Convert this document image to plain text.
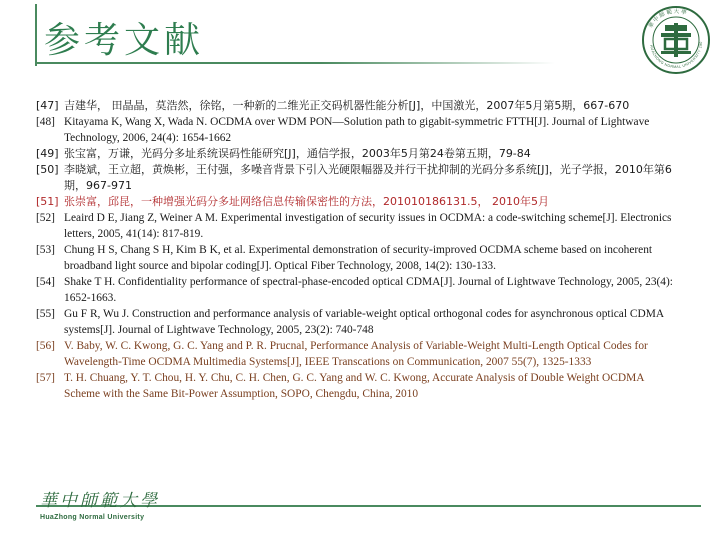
参考文献	華中師範大學
HUAZHONG NORMAL UNIVERSITY 190

[47] 吉建华， 田晶晶，莫浩然，徐铭，一种新的二维光正交码机器性能分析[J]，中国激光，2007年5月第5期，667-670

[48] Kitayama K, Wang X, Wada N. OCDMA over WDM PON—Solution path to gigabit-symmetric FTTH[J]. Journal of Lightwave Technology, 2006, 24(4): 1654-1662

[49] 张宝富，万谦，光码分多址系统误码性能研究[J]，通信学报，2003年5月第24卷第五期，79-84

[50] 李晓斌，王立超，黄焕彬，王付强，多噪音背景下引入光硬限幅器及并行干扰抑制的光码分多系统[J]，光子学报，2010年第6期，967-971

[51] 张崇富，邱昆，一种增强光码分多址网络信息传输保密性的方法，201010186131.5， 2010年5月

[52] Leaird D E, Jiang Z, Weiner A M. Experimental investigation of security issues in OCDMA: a code-switching scheme[J]. Electronics letters, 2005, 41(14): 817-819.

[53] Chung H S, Chang S H, Kim B K, et al. Experimental demonstration of security-improved OCDMA scheme based on incoherent broadband light source and bipolar coding[J]. Optical Fiber Technology, 2008, 14(2): 130-133.

[54] Shake T H. Confidentiality performance of spectral-phase-encoded optical CDMA[J]. Journal of Lightwave Technology, 2005, 23(4): 1652-1663.

[55] Gu F R, Wu J. Construction and performance analysis of variable-weight optical orthogonal codes for asynchronous optical CDMA systems[J]. Journal of Lightwave Technology, 2005, 23(2): 740-748

[56] V. Baby, W. C. Kwong, G. C. Yang and P. R. Prucnal, Performance Analysis of Variable-Weight Multi-Length Optical Codes for Wavelength-Time OCDMA Multimedia Systems[J], IEEE Transcations on Communication, 2007 55(7), 1325-1333

[57] T. H. Chuang, Y. T. Chou, H. Y. Chu, C. H. Chen, G. C. Yang and W. C. Kwong, Accurate Analysis of Double Weight OCDMA Scheme with the Same Bit-Power Assumption, SOPO, Chengdu, China, 2010

華中師範大學
HuaZhong Normal University
